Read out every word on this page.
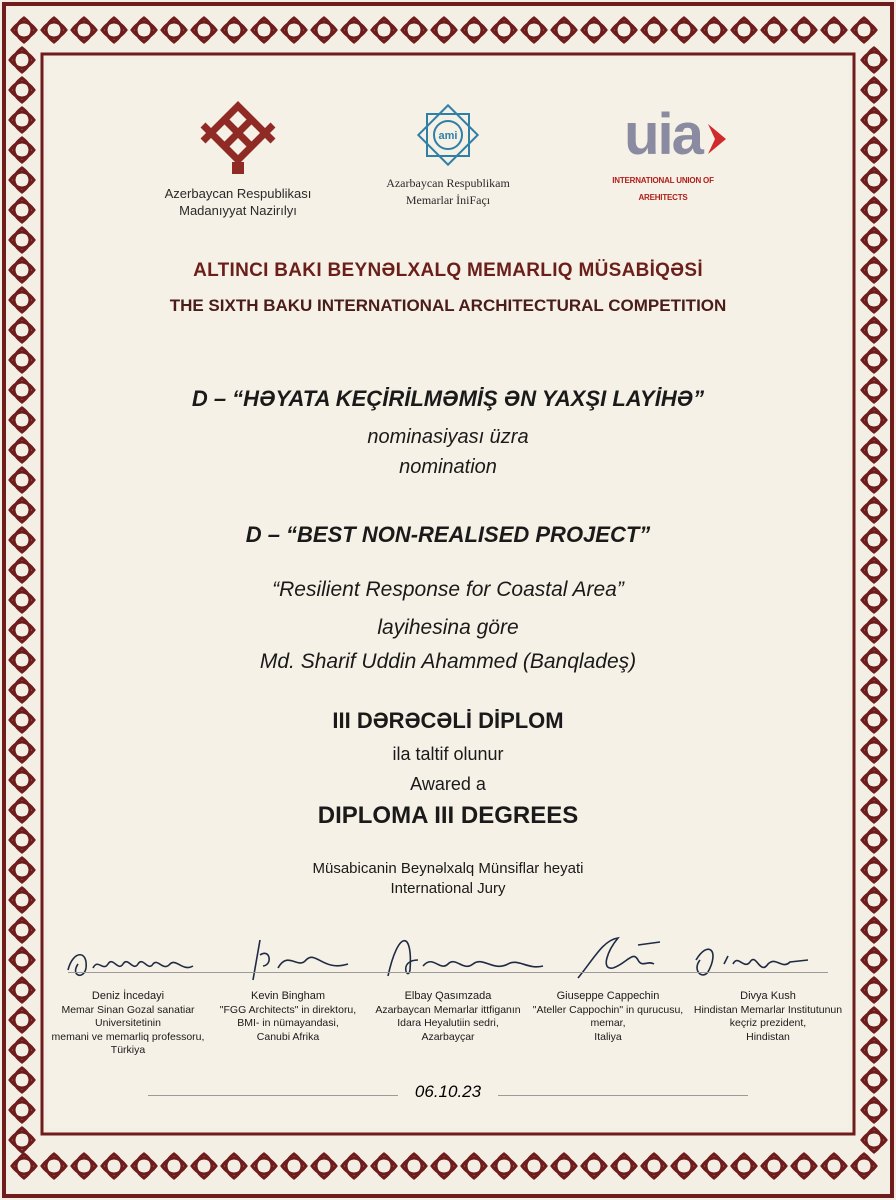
Azerbaycan Respublikası
Madanıyyat Nazirılyı
ami
Azarbaycan Respublikam
Memarlar İniFaçı
uia
INTERNATIONAL UNION OF AREHITECTS
ALTINCI BAKI BEYNƏLXALQ MEMARLIQ MÜSABİQƏSİ
THE SIXTH BAKU INTERNATIONAL ARCHITECTURAL COMPETITION
D – “HƏYATA KEÇİRİLMƏMİŞ ƏN YAXŞI LAYİHƏ”
nominasiyası üzra
nomination
D – “BEST NON-REALISED PROJECT”
“Resilient Response for Coastal Area”
layihesina göre
Md. Sharif Uddin Ahammed (Banqladeş)
III DƏRƏCƏLİ DİPLOM
ila taltif olunur
Awared a
DIPLOMA III DEGREES
Müsabicanin Beynəlxalq Münsiflar heyati
International Jury
Deniz İncedayi
Memar Sinan Gozal sanatiar
Universitetinin
memani ve memarliq professoru,
Türkiya
Kevin Bingham
"FGG Architects" in direktoru,
BMI- in nümayandasi,
Canubi Afrika
Elbay Qasımzada
Azarbaycan Memarlar ittfiganın
Idara Heyalutiin sedri,
Azarbayçar
Giuseppe Cappechin
"Ateller Cappochin" in qurucusu,
memar,
Italiya
Divya Kush
Hindistan Memarlar Institutunun
keçriz prezident,
Hindistan
06.10.23
